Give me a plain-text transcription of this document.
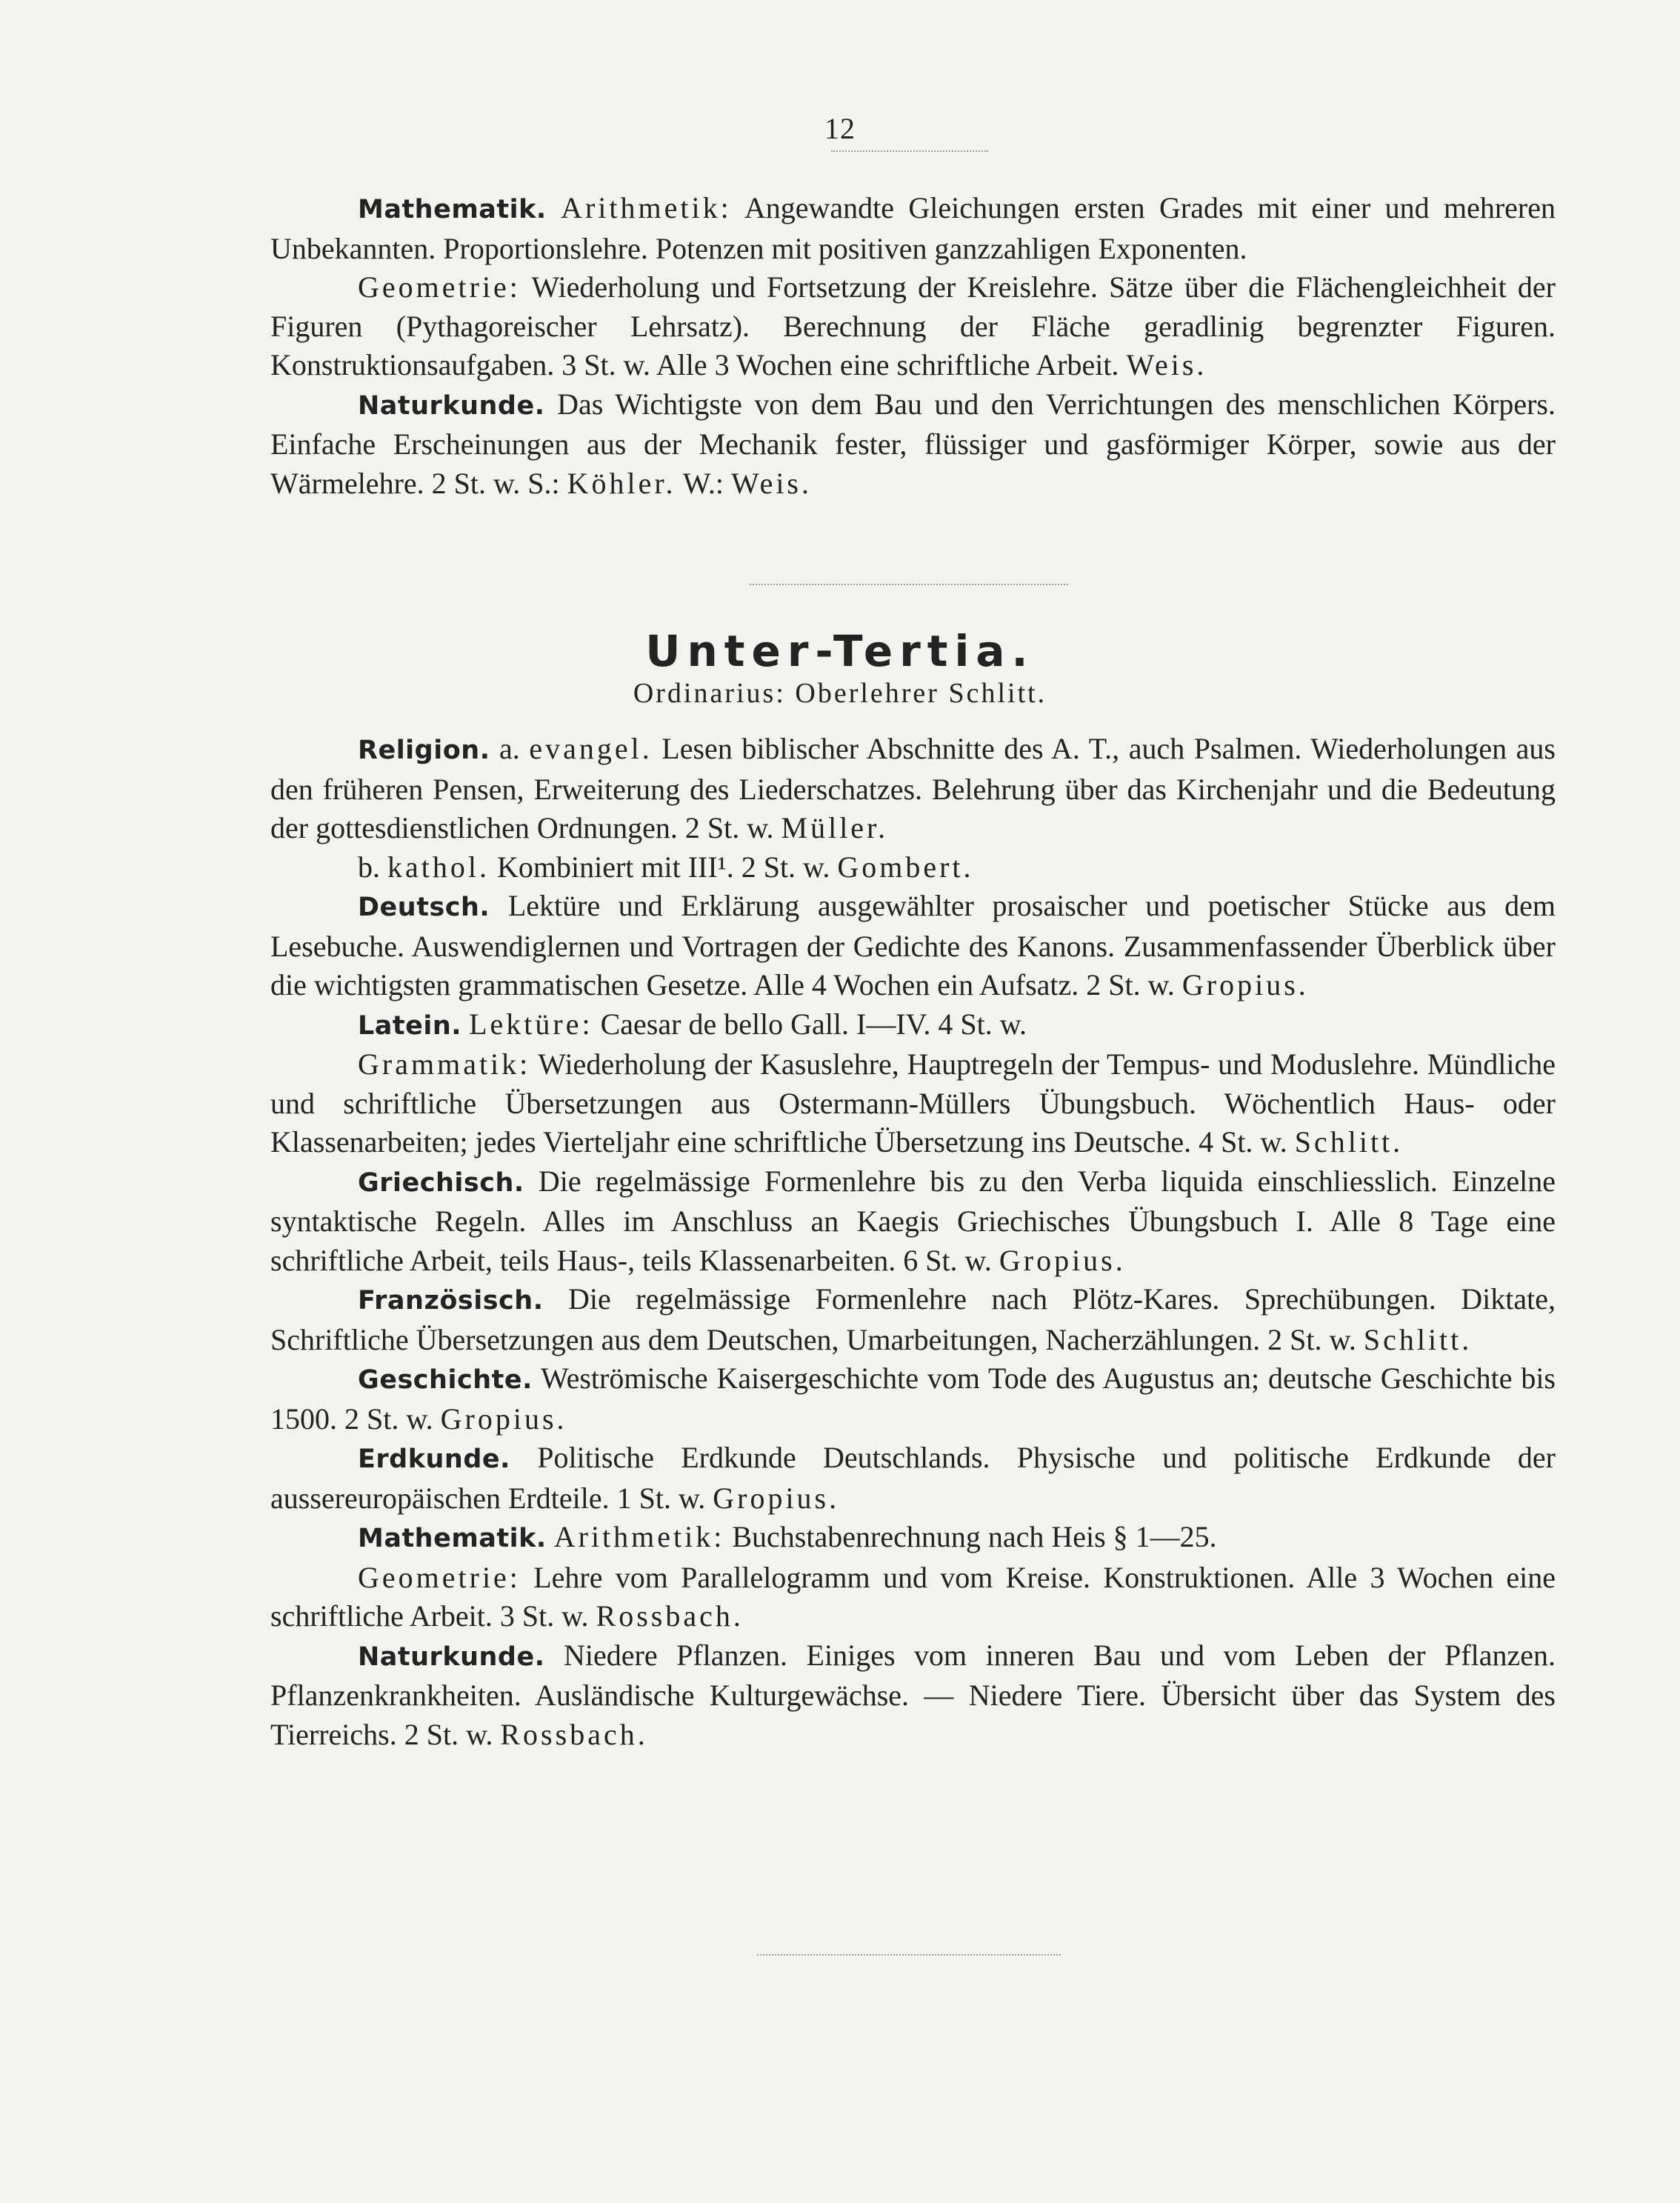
12

Mathematik. Arithmetik: Angewandte Gleichungen ersten Grades mit einer und mehreren Unbekannten. Proportionslehre. Potenzen mit positiven ganzzahligen Exponenten.

Geometrie: Wiederholung und Fortsetzung der Kreislehre. Sätze über die Flächengleichheit der Figuren (Pythagoreischer Lehrsatz). Berechnung der Fläche geradlinig begrenzter Figuren. Konstruktionsaufgaben. 3 St. w. Alle 3 Wochen eine schriftliche Arbeit. Weis.

Naturkunde. Das Wichtigste von dem Bau und den Verrichtungen des menschlichen Körpers. Einfache Erscheinungen aus der Mechanik fester, flüssiger und gasförmiger Körper, sowie aus der Wärmelehre. 2 St. w. S.: Köhler. W.: Weis.

Unter-Tertia.
Ordinarius: Oberlehrer Schlitt.

Religion. a. evangel. Lesen biblischer Abschnitte des A. T., auch Psalmen. Wiederholungen aus den früheren Pensen, Erweiterung des Liederschatzes. Belehrung über das Kirchenjahr und die Bedeutung der gottesdienstlichen Ordnungen. 2 St. w. Müller.

b. kathol. Kombiniert mit III¹. 2 St. w. Gombert.

Deutsch. Lektüre und Erklärung ausgewählter prosaischer und poetischer Stücke aus dem Lesebuche. Auswendiglernen und Vortragen der Gedichte des Kanons. Zusammenfassender Überblick über die wichtigsten grammatischen Gesetze. Alle 4 Wochen ein Aufsatz. 2 St. w. Gropius.

Latein. Lektüre: Caesar de bello Gall. I—IV. 4 St. w.

Grammatik: Wiederholung der Kasuslehre, Hauptregeln der Tempus- und Moduslehre. Mündliche und schriftliche Übersetzungen aus Ostermann-Müllers Übungsbuch. Wöchentlich Haus- oder Klassenarbeiten; jedes Vierteljahr eine schriftliche Übersetzung ins Deutsche. 4 St. w. Schlitt.

Griechisch. Die regelmässige Formenlehre bis zu den Verba liquida einschliesslich. Einzelne syntaktische Regeln. Alles im Anschluss an Kaegis Griechisches Übungsbuch I. Alle 8 Tage eine schriftliche Arbeit, teils Haus-, teils Klassenarbeiten. 6 St. w. Gropius.

Französisch. Die regelmässige Formenlehre nach Plötz-Kares. Sprechübungen. Diktate, Schriftliche Übersetzungen aus dem Deutschen, Umarbeitungen, Nacherzählungen. 2 St. w. Schlitt.

Geschichte. Weströmische Kaisergeschichte vom Tode des Augustus an; deutsche Geschichte bis 1500. 2 St. w. Gropius.

Erdkunde. Politische Erdkunde Deutschlands. Physische und politische Erdkunde der aussereuropäischen Erdteile. 1 St. w. Gropius.

Mathematik. Arithmetik: Buchstabenrechnung nach Heis § 1—25.

Geometrie: Lehre vom Parallelogramm und vom Kreise. Konstruktionen. Alle 3 Wochen eine schriftliche Arbeit. 3 St. w. Rossbach.

Naturkunde. Niedere Pflanzen. Einiges vom inneren Bau und vom Leben der Pflanzen. Pflanzenkrankheiten. Ausländische Kulturgewächse. — Niedere Tiere. Übersicht über das System des Tierreichs. 2 St. w. Rossbach.
